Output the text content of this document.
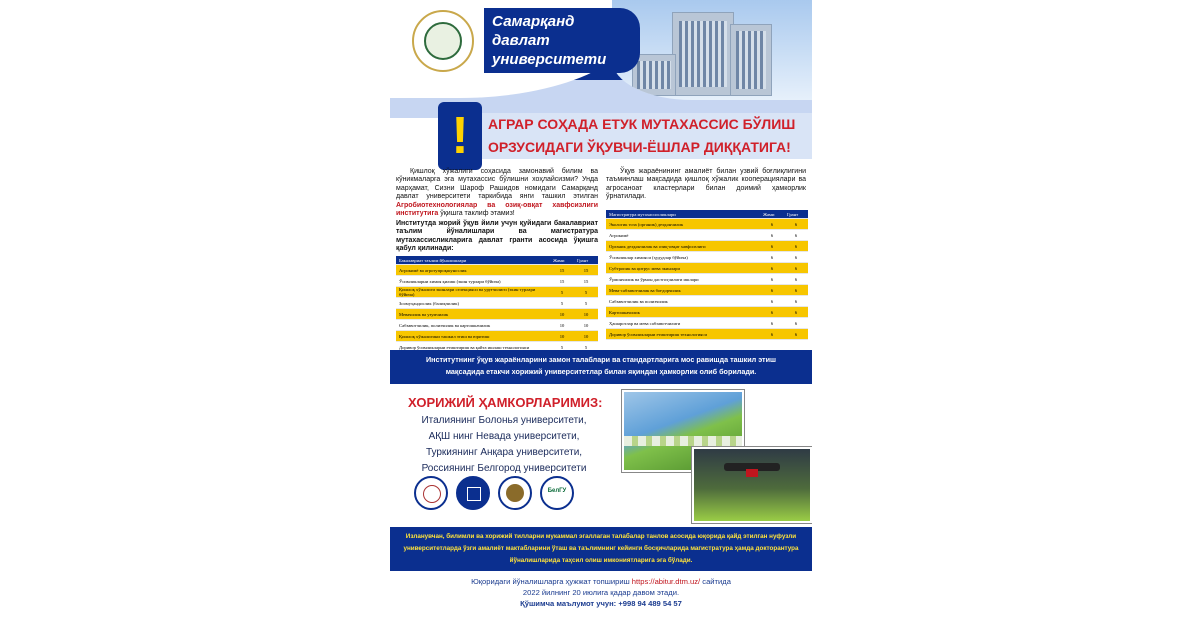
Самарқанд давлат университети
АГРАР СОҲАДА ЕТУК МУТАХАССИС БЎЛИШ
ОРЗУСИДАГИ ЎҚУВЧИ-ЁШЛАР ДИҚҚАТИГА!
!
Қишлоқ хўжалиги соҳасида замонавий билим ва кўникмаларга эга мутахассис бўлишни хоҳлайсизми? Унда марҳамат, Сизни Шароф Рашидов номидаги Самарқанд давлат университети таркибида янги ташкил этилган Агробиотехнологиялар ва озиқ-овқат хавфсизлиги институтига ўқишга таклиф этамиз!
Институтда жорий ўқув йили учун қуйидаги бакалавриат таълим йўналишлари ва магистратура мутахассисликларига давлат гранти асосида ўқишга қабул қилинади:
Бакалавриат таълим йўналишлари	Жами	Грант
Агрокимё ва агротупроқшунослик	15	15
Ўсимликларни химоя қилиш (экин турлари бўйича)	15	15
Қишлоқ хўжалиги экинлари селекцияси ва уруғчилиги (экин турлари бўйича)	5	5
Зоомуҳандислик (балиқчилик)	5	5
Мевачилик ва узумчилик	10	10
Сабзавотчилик, полизчилик ва картошкачилик	10	10
Қишлоқ хўжалигини ташкил этиш ва юритиш	10	10
Доривор ўсимликларни етиштириш ва қайта ишлаш технологияси	5	5
Ўқув жараёнининг амалиёт билан узвий боғлиқлигини таъминлаш мақсадида қишлоқ хўжалик кооперациялари ва агросаноат кластерлари билан доимий ҳамкорлик ўрнатилади.
Магистратура мутахассисликлари	Жами	Грант
Экологик тоза (органик) деҳқончилик	6	6
Агрокимё	6	6
Органик деҳқончилик ва озиқ-овқат хавфсизлиги	6	6
Ўсимликлар химояси (ҳудудлар бўйича)	6	6
Субтропик ва цитрус мева экинлари	6	6
Ўрмончилик ва ўрмон дастгоҳчилиги ишлари	6	6
Мева-сабзавотчилик ва боғдорчилик	6	6
Сабзавотчилик ва полизчилик	6	6
Картошкачилик	6	6
Ҳашаротлар ва мева сабзавотчилиги	6	6
Доривор ўсимликларни етиштириш технологияси	6	6
Институтнинг ўқув жараёнларини замон талаблари ва стандартларига мос равишда ташкил этиш мақсадида етакчи хорижий университетлар билан яқиндан ҳамкорлик олиб борилади.
ХОРИЖИЙ ҲАМКОРЛАРИМИЗ:
Италиянинг Болонья университети,
АҚШ нинг Невада университети,
Туркиянинг Анқара университети,
Россиянинг Белгород университети
БелГУ
Изланувчан, билимли ва хорижий тилларни мукаммал эгаллаган талабалар танлов асосида юқорида қайд этилган нуфузли университетларда ўзги амалиёт мактабларини ўташ ва таълимнинг кейинги босқичларида магистратура ҳамда докторантура йўналишларида таҳсил олиш имкониятларига эга бўлади.
Юқоридаги йўналишларга ҳужжат топшириш https://abitur.dtm.uz/ сайтида
2022 йилнинг 20 июлига қадар давом этади.
Қўшимча маълумот учун: +998 94 489 54 57
